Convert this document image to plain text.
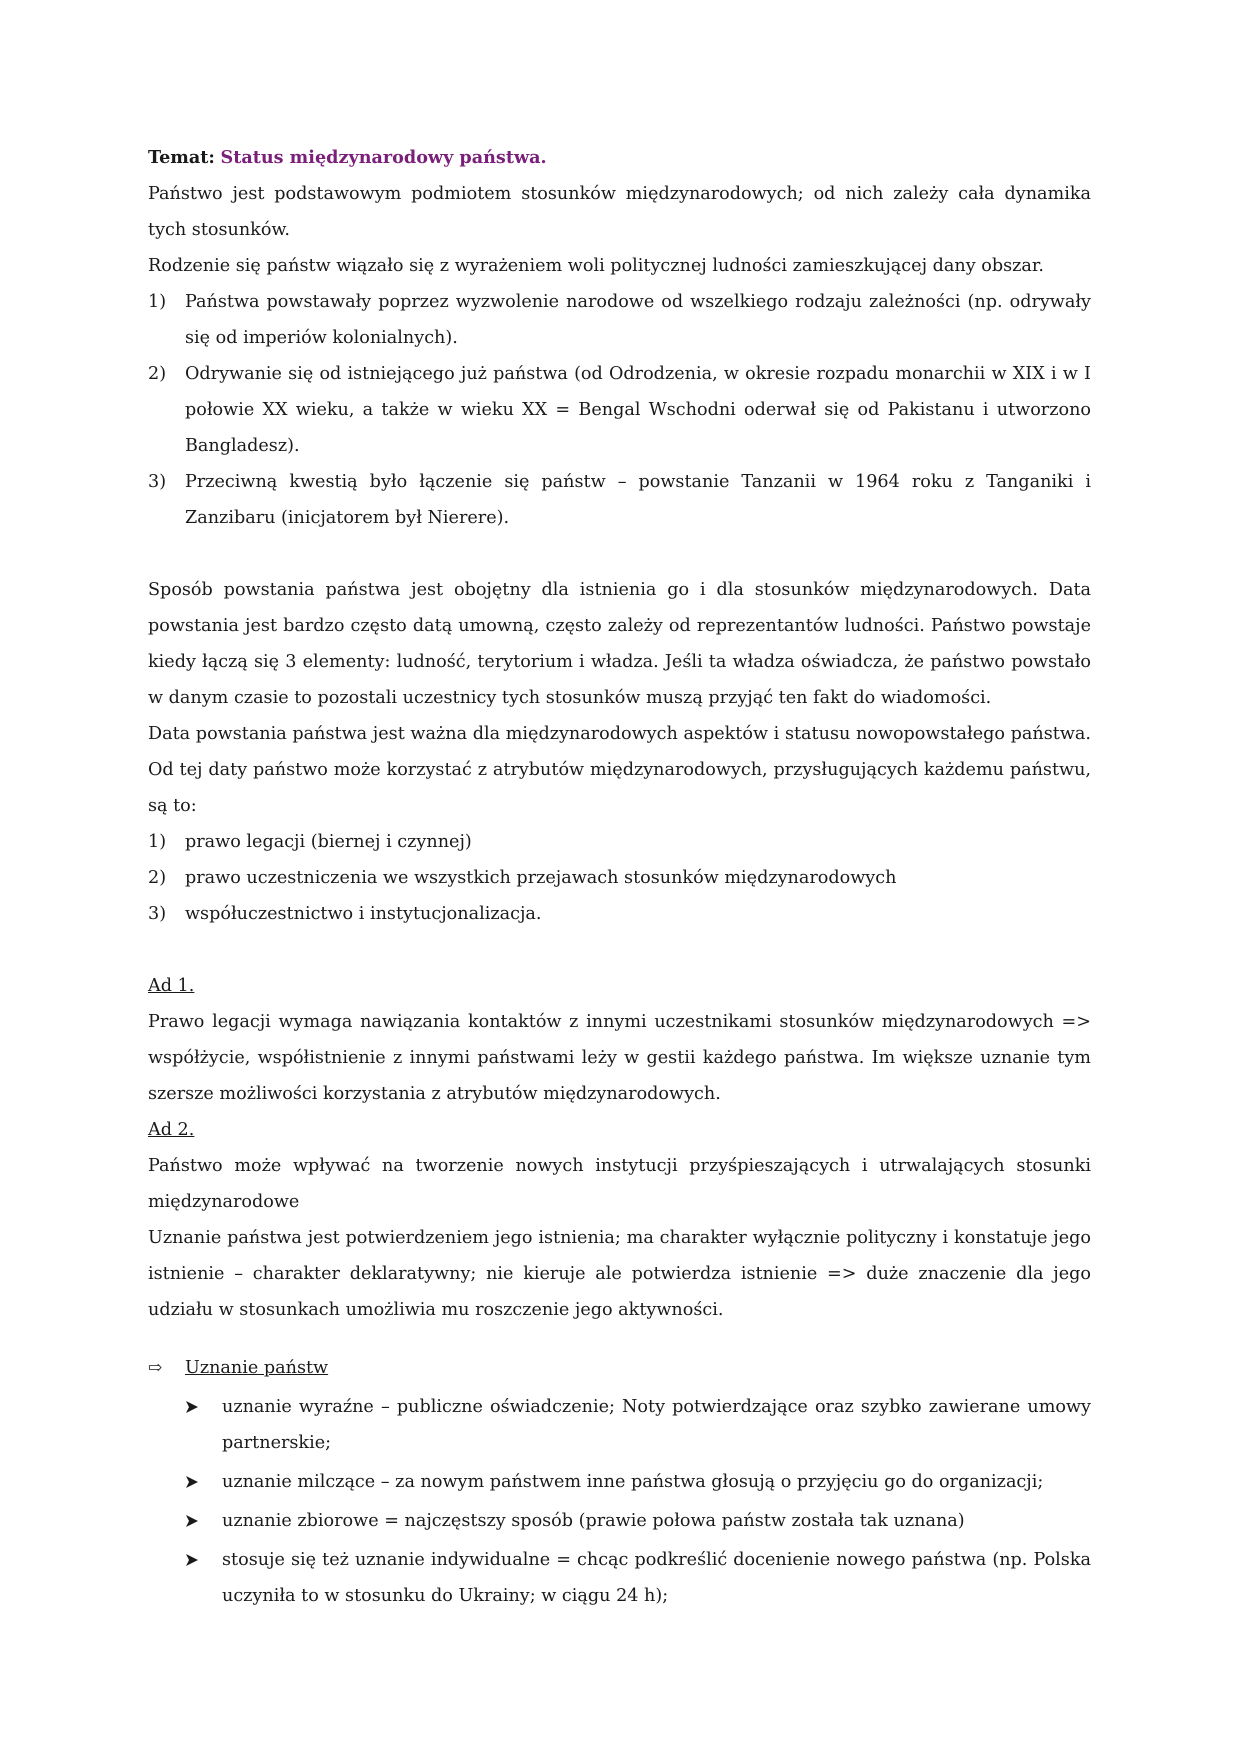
Temat: Status międzynarodowy państwa.

Państwo jest podstawowym podmiotem stosunków międzynarodowych; od nich zależy cała dynamika tych stosunków.

Rodzenie się państw wiązało się z wyrażeniem woli politycznej ludności zamieszkującej dany obszar.

1) Państwa powstawały poprzez wyzwolenie narodowe od wszelkiego rodzaju zależności (np. odrywały się od imperiów kolonialnych).
2) Odrywanie się od istniejącego już państwa (od Odrodzenia, w okresie rozpadu monarchii w XIX i w I połowie XX wieku, a także w wieku XX = Bengal Wschodni oderwał się od Pakistanu i utworzono Bangladesz).
3) Przeciwną kwestią było łączenie się państw – powstanie Tanzanii w 1964 roku z Tanganiki i Zanzibaru (inicjatorem był Nierere).

Sposób powstania państwa jest obojętny dla istnienia go i dla stosunków międzynarodowych. Data powstania jest bardzo często datą umowną, często zależy od reprezentantów ludności. Państwo powstaje kiedy łączą się 3 elementy: ludność, terytorium i władza. Jeśli ta władza oświadcza, że państwo powstało w danym czasie to pozostali uczestnicy tych stosunków muszą przyjąć ten fakt do wiadomości.

Data powstania państwa jest ważna dla międzynarodowych aspektów i statusu nowopowstałego państwa. Od tej daty państwo może korzystać z atrybutów międzynarodowych, przysługujących każdemu państwu, są to:

1) prawo legacji (biernej i czynnej)
2) prawo uczestniczenia we wszystkich przejawach stosunków międzynarodowych
3) współuczestnictwo i instytucjonalizacja.

Ad 1.

Prawo legacji wymaga nawiązania kontaktów z innymi uczestnikami stosunków międzynarodowych => współżycie, współistnienie z innymi państwami leży w gestii każdego państwa. Im większe uznanie tym szersze możliwości korzystania z atrybutów międzynarodowych.

Ad 2.

Państwo może wpływać na tworzenie nowych instytucji przyśpieszających i utrwalających stosunki międzynarodowe

Uznanie państwa jest potwierdzeniem jego istnienia; ma charakter wyłącznie polityczny i konstatuje jego istnienie – charakter deklaratywny; nie kieruje ale potwierdza istnienie => duże znaczenie dla jego udziału w stosunkach umożliwia mu roszczenie jego aktywności.

⇨ Uznanie państw
uznanie wyraźne – publiczne oświadczenie; Noty potwierdzające oraz szybko zawierane umowy partnerskie;
uznanie milczące – za nowym państwem inne państwa głosują o przyjęciu go do organizacji;
uznanie zbiorowe = najczęstszy sposób (prawie połowa państw została tak uznana)
stosuje się też uznanie indywidualne = chcąc podkreślić docenienie nowego państwa (np. Polska uczyniła to w stosunku do Ukrainy; w ciągu 24 h);
